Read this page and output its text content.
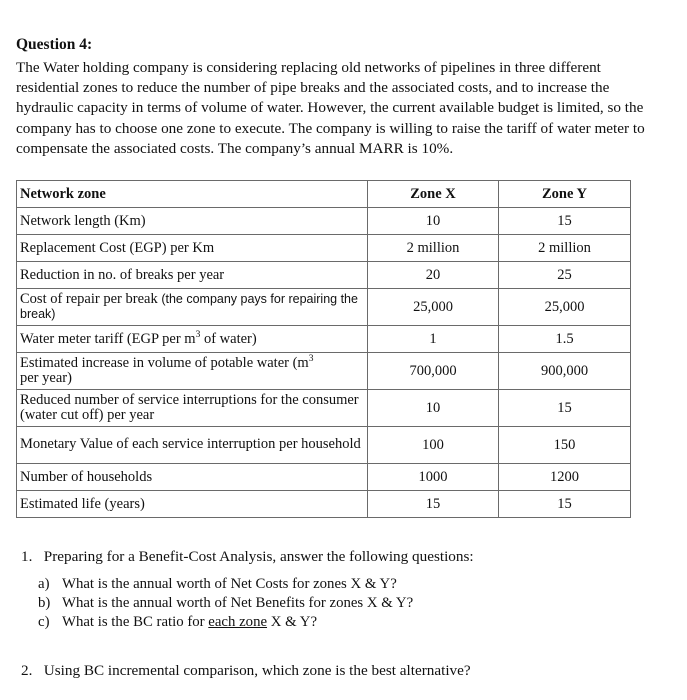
Question 4:

The Water holding company is considering replacing old networks of pipelines in three different residential zones to reduce the number of pipe breaks and the associated costs, and to increase the hydraulic capacity in terms of volume of water. However, the current available budget is limited, so the company has to choose one zone to execute. The company is willing to raise the tariff of water meter to compensate the associated costs. The company’s annual MARR is 10%.

Network zone	Zone X	Zone Y
Network length (Km)	10	15
Replacement Cost (EGP) per Km	2 million	2 million
Reduction in no. of breaks per year	20	25
Cost of repair per break (the company pays for repairing the break)	25,000	25,000
Water meter tariff (EGP per $m^3$ of water)	1	1.5
Estimated increase in volume of potable water ($m^3$
per year)	700,000	900,000
Reduced number of service interruptions for the consumer (water cut off) per year	10	15
Monetary Value of each service interruption per household	100	150
Number of households	1000	1200
Estimated life (years)	15	15

1. Preparing for a Benefit-Cost Analysis, answer the following questions:

a) What is the annual worth of Net Costs for zones X & Y?

b) What is the annual worth of Net Benefits for zones X & Y?

c) What is the BC ratio for each zone X & Y?

2. Using BC incremental comparison, which zone is the best alternative?
